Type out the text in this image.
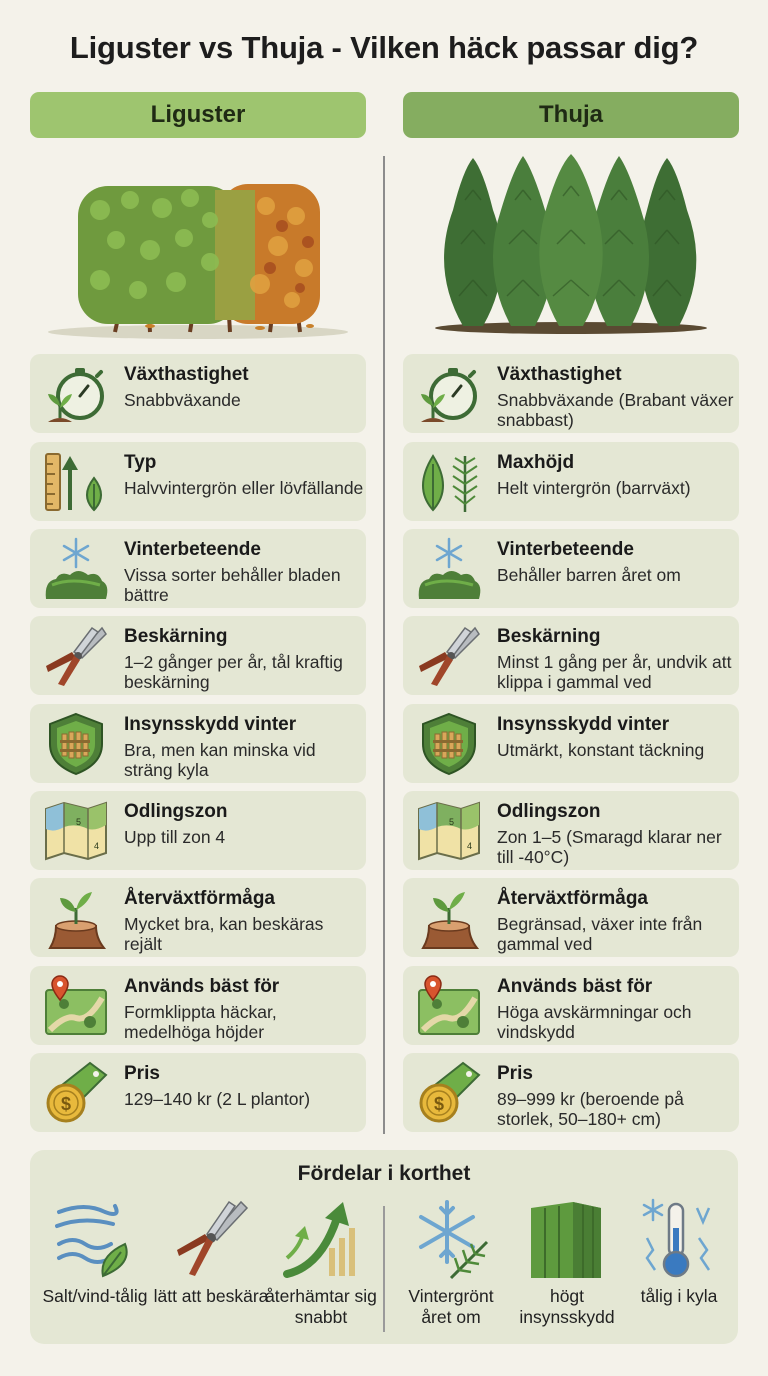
Liguster vs Thuja - Vilken häck passar dig?
Liguster	Thuja
Växthastighet
Snabbväxande
Typ
Halvvintergrön eller lövfällande
Vinterbeteende
Vissa sorter behåller bladen bättre
Beskärning
1–2 gånger per år, tål kraftig beskärning
Insynsskydd vinter
Bra, men kan minska vid sträng kyla
Odlingszon
Upp till zon 4
Återväxtförmåga
Mycket bra, kan beskäras rejält
Används bäst för
Formklippta häckar, medelhöga höjder
Pris
129–140 kr (2 L plantor)
Växthastighet
Snabbväxande (Brabant växer snabbast)
Maxhöjd
Helt vintergrön (barrväxt)
Vinterbeteende
Behåller barren året om
Beskärning
Minst 1 gång per år, undvik att klippa i gammal ved
Insynsskydd vinter
Utmärkt, konstant täckning
Odlingszon
Zon 1–5 (Smaragd klarar ner till -40°C)
Återväxtförmåga
Begränsad, växer inte från gammal ved
Används bäst för
Höga avskärmningar och vindskydd
Pris
89–999 kr (beroende på storlek, 50–180+ cm)
Fördelar i korthet
Salt/vind-tålig lätt att beskära
återhämtar sig snabbt
Vintergrönt året om
högt insynsskydd
tålig i kyla
